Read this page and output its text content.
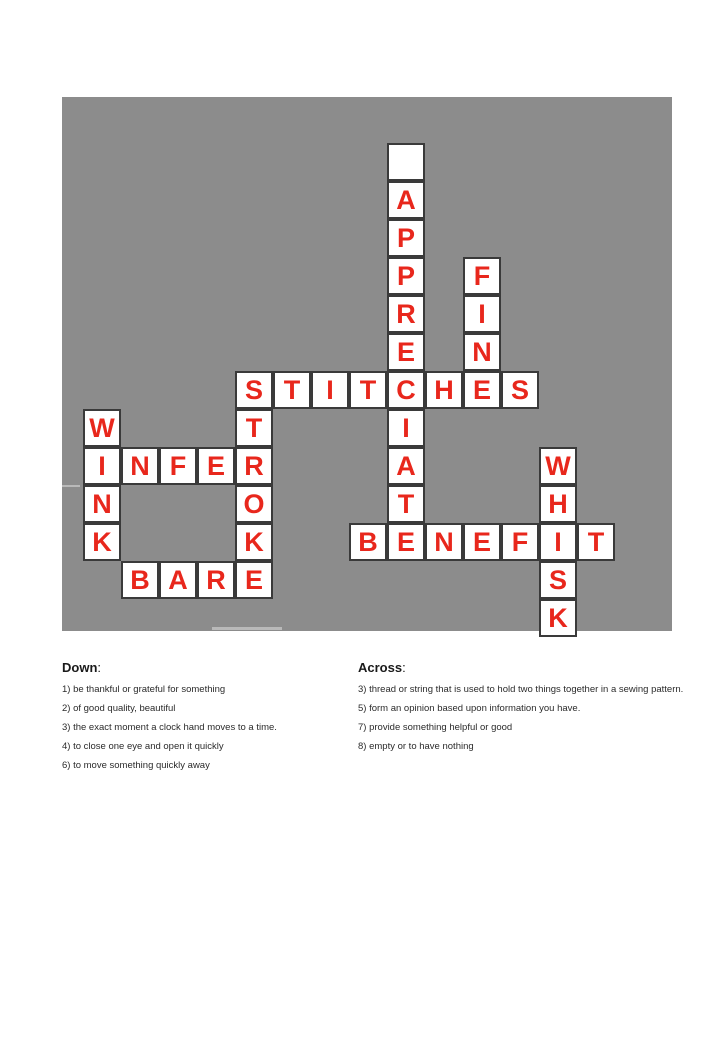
A
P
P	F
R	I
E	N
S T I T C H E S
W	T	I
I N F E R	A	W
N	O	T	H
K	K	B E N E F I T
B A R E	S
K
Down:
1) be thankful or grateful for something
2) of good quality, beautiful
3) the exact moment a clock hand moves to a time.
4) to close one eye and open it quickly
6) to move something quickly away
Across:
3) thread or string that is used to hold two things together in a sewing pattern.
5) form an opinion based upon information you have.
7) provide something helpful or good
8) empty or to have nothing
